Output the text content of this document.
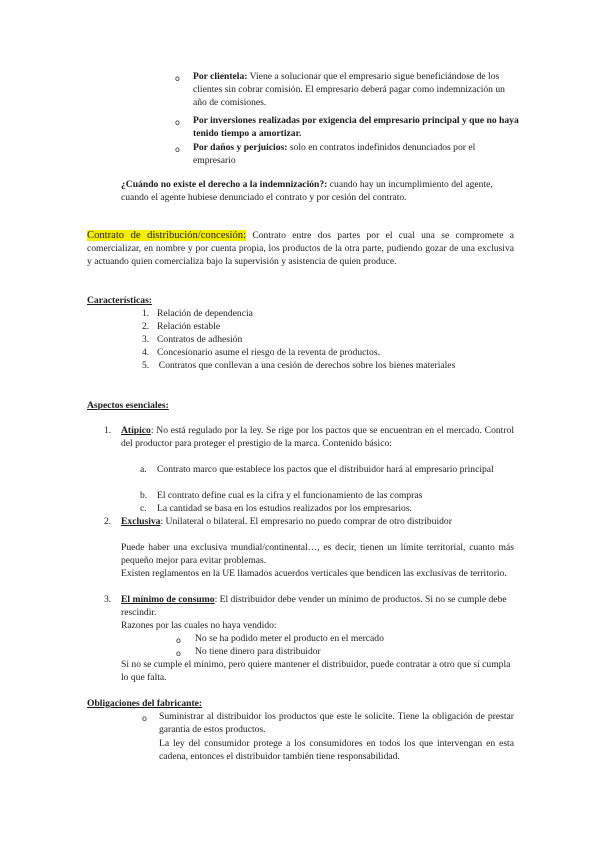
o Por clientela: Viene a solucionar que el empresario sigue beneficiándose de los clientes sin cobrar comisión. El empresario deberá pagar como indemnización un año de comisiones.
o Por inversiones realizadas por exigencia del empresario principal y que no haya tenido tiempo a amortizar.
o Por daños y perjuicios: solo en contratos indefinidos denunciados por el empresario
¿Cuándo no existe el derecho a la indemnización?: cuando hay un incumplimiento del agente, cuando el agente hubiese denunciado el contrato y por cesión del contrato.
Contrato de distribución/concesión: Contrato entre dos partes por el cual una se compromete a comercializar, en nombre y por cuenta propia, los productos de la otra parte, pudiendo gozar de una exclusiva y actuando quien comercializa bajo la supervisión y asistencia de quien produce.
Características:
1. Relación de dependencia
2. Relación estable
3. Contratos de adhesión
4. Concesionario asume el riesgo de la reventa de productos.
5. Contratos que conllevan a una cesión de derechos sobre los bienes materiales
Aspectos esenciales:
1. Atípico: No está regulado por la ley. Se rige por los pactos que se encuentran en el mercado. Control del productor para proteger el prestigio de la marca. Contenido básico:
a. Contrato marco que establece los pactos que el distribuidor hará al empresario principal
b. El contrato define cual es la cifra y el funcionamiento de las compras
c. La cantidad se basa en los estudios realizados por los empresarios.
2. Exclusiva: Unilateral o bilateral. El empresario no puedo comprar de otro distribuidor
Puede haber una exclusiva mundial/continental…, es decir, tienen un límite territorial, cuanto más pequeño mejor para evitar problemas.
Existen reglamentos en la UE llamados acuerdos verticales que bendicen las exclusivas de territorio.
3. El mínimo de consumo: El distribuidor debe vender un mínimo de productos. Si no se cumple debe rescindir.
Razones por las cuales no haya vendido:
o No se ha podido meter el producto en el mercado
o No tiene dinero para distribuidor
Si no se cumple el mínimo, pero quiere mantener el distribuidor, puede contratar a otro que sí cumpla lo que falta.
Obligaciones del fabricante:
o Suministrar al distribuidor los productos que este le solicite. Tiene la obligación de prestar garantía de estos productos.
La ley del consumidor protege a los consumidores en todos los que intervengan en esta cadena, entonces el distribuidor también tiene responsabilidad.
